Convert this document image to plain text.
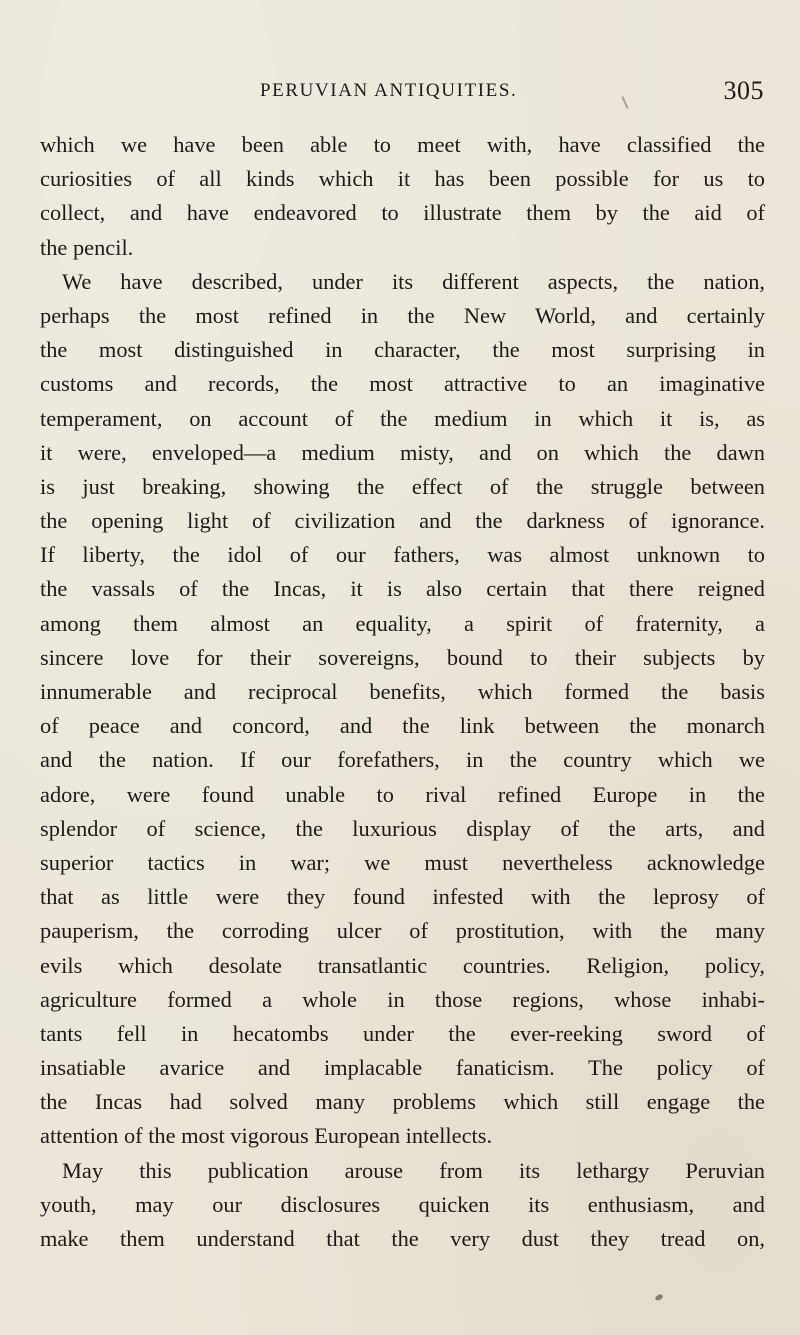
PERUVIAN ANTIQUITIES.	305
which we have been able to meet with, have classified the
curiosities of all kinds which it has been possible for us to
collect, and have endeavored to illustrate them by the aid of
the pencil.
We have described, under its different aspects, the nation,
perhaps the most refined in the New World, and certainly
the most distinguished in character, the most surprising in
customs and records, the most attractive to an imaginative
temperament, on account of the medium in which it is, as
it were, enveloped—a medium misty, and on which the dawn
is just breaking, showing the effect of the struggle between
the opening light of civilization and the darkness of ignorance.
If liberty, the idol of our fathers, was almost unknown to
the vassals of the Incas, it is also certain that there reigned
among them almost an equality, a spirit of fraternity, a
sincere love for their sovereigns, bound to their subjects by
innumerable and reciprocal benefits, which formed the basis
of peace and concord, and the link between the monarch
and the nation. If our forefathers, in the country which we
adore, were found unable to rival refined Europe in the
splendor of science, the luxurious display of the arts, and
superior tactics in war; we must nevertheless acknowledge
that as little were they found infested with the leprosy of
pauperism, the corroding ulcer of prostitution, with the many
evils which desolate transatlantic countries. Religion, policy,
agriculture formed a whole in those regions, whose inhabi-
tants fell in hecatombs under the ever-reeking sword of
insatiable avarice and implacable fanaticism. The policy of
the Incas had solved many problems which still engage the
attention of the most vigorous European intellects.
May this publication arouse from its lethargy Peruvian
youth, may our disclosures quicken its enthusiasm, and
make them understand that the very dust they tread on,
